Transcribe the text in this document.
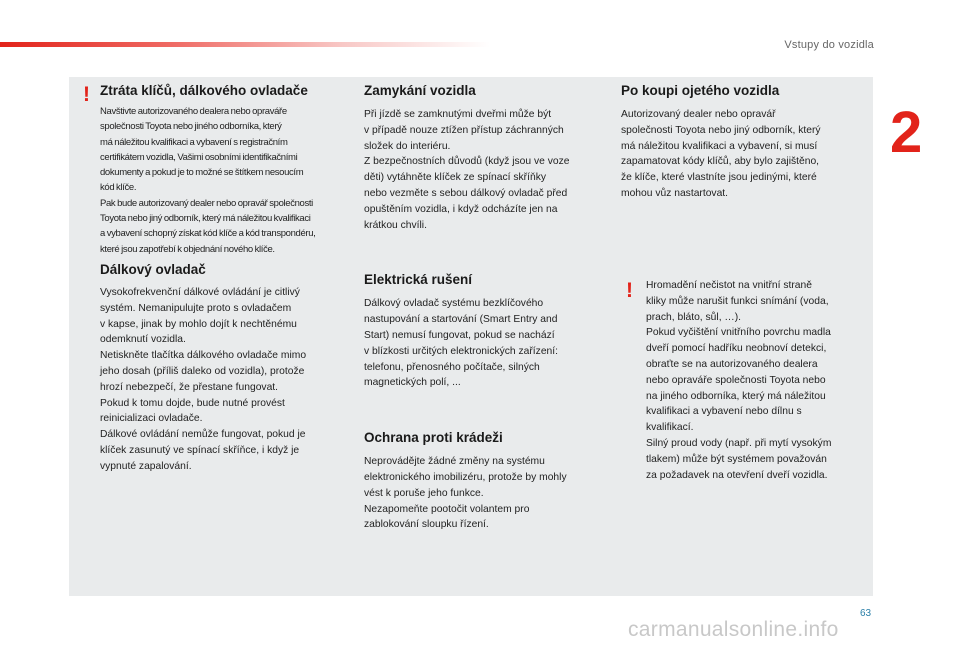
Vstupy do vozidla
2
! Ztráta klíčů, dálkového ovladače

Navštivte autorizovaného dealera nebo opraváře
společnosti Toyota nebo jiného odborníka, který
má náležitou kvalifikaci a vybavení s registračním
certifikátem vozidla, Vašimi osobními identifikačními
dokumenty a pokud je to možné se štítkem nesoucím
kód klíče.
Pak bude autorizovaný dealer nebo opravář společnosti
Toyota nebo jiný odborník, který má náležitou kvalifikaci
a vybavení schopný získat kód klíče a kód transpondéru,
které jsou zapotřebí k objednání nového klíče.

Dálkový ovladač

Vysokofrekvenční dálkové ovládání je citlivý
systém. Nemanipulujte proto s ovladačem
v kapse, jinak by mohlo dojít k nechtěnému
odemknutí vozidla.
Netiskněte tlačítka dálkového ovladače mimo
jeho dosah (příliš daleko od vozidla), protože
hrozí nebezpečí, že přestane fungovat.
Pokud k tomu dojde, bude nutné provést
reinicializaci ovladače.
Dálkové ovládání nemůže fungovat, pokud je
klíček zasunutý ve spínací skříňce, i když je
vypnuté zapalování.

Zamykání vozidla

Při jízdě se zamknutými dveřmi může být
v případě nouze ztížen přístup záchranných
složek do interiéru.
Z bezpečnostních důvodů (když jsou ve voze
děti) vytáhněte klíček ze spínací skříňky
nebo vezměte s sebou dálkový ovladač před
opuštěním vozidla, i když odcházíte jen na
krátkou chvíli.

Elektrická rušení

Dálkový ovladač systému bezklíčového
nastupování a startování (Smart Entry and
Start) nemusí fungovat, pokud se nachází
v blízkosti určitých elektronických zařízení:
telefonu, přenosného počítače, silných
magnetických polí, ...

Ochrana proti krádeži

Neprovádějte žádné změny na systému
elektronického imobilizéru, protože by mohly
vést k poruše jeho funkce.
Nezapomeňte pootočit volantem pro
zablokování sloupku řízení.

Po koupi ojetého vozidla

Autorizovaný dealer nebo opravář
společnosti Toyota nebo jiný odborník, který
má náležitou kvalifikaci a vybavení, si musí
zapamatovat kódy klíčů, aby bylo zajištěno,
že klíče, které vlastníte jsou jedinými, které
mohou vůz nastartovat.

! Hromadění nečistot na vnitřní straně
kliky může narušit funkci snímání (voda,
prach, bláto, sůl, …).
Pokud vyčištění vnitřního povrchu madla
dveří pomocí hadříku neobnoví detekci,
obraťte se na autorizovaného dealera
nebo opraváře společnosti Toyota nebo
na jiného odborníka, který má náležitou
kvalifikaci a vybavení nebo dílnu s
kvalifikací.
Silný proud vody (např. při mytí vysokým
tlakem) může být systémem považován
za požadavek na otevření dveří vozidla.

63
carmanualsonline.info
